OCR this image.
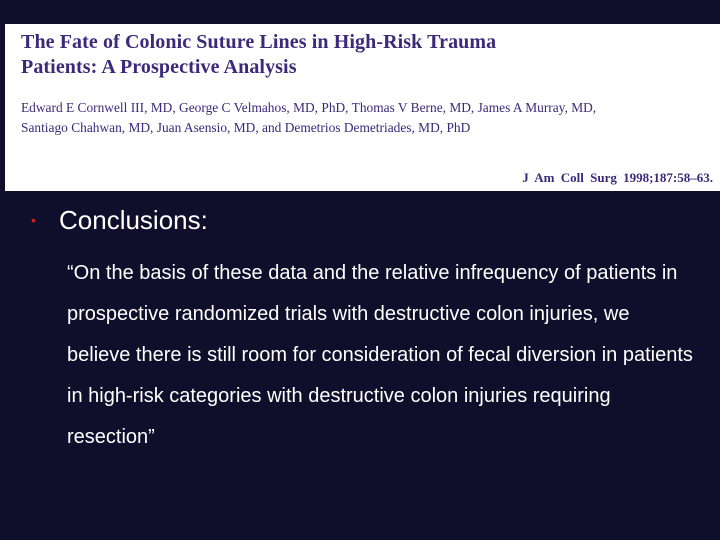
The Fate of Colonic Suture Lines in High-Risk Trauma
Patients: A Prospective Analysis
Edward E Cornwell III, MD, George C Velmahos, MD, PhD, Thomas V Berne, MD, James A Murray, MD,
Santiago Chahwan, MD, Juan Asensio, MD, and Demetrios Demetriades, MD, PhD
J Am Coll Surg 1998;187:58–63.
• Conclusions:
“On the basis of these data and the relative infrequency of patients in prospective randomized trials with destructive colon injuries, we believe there is still room for consideration of fecal diversion in patients in high-risk categories with destructive colon injuries requiring resection”
